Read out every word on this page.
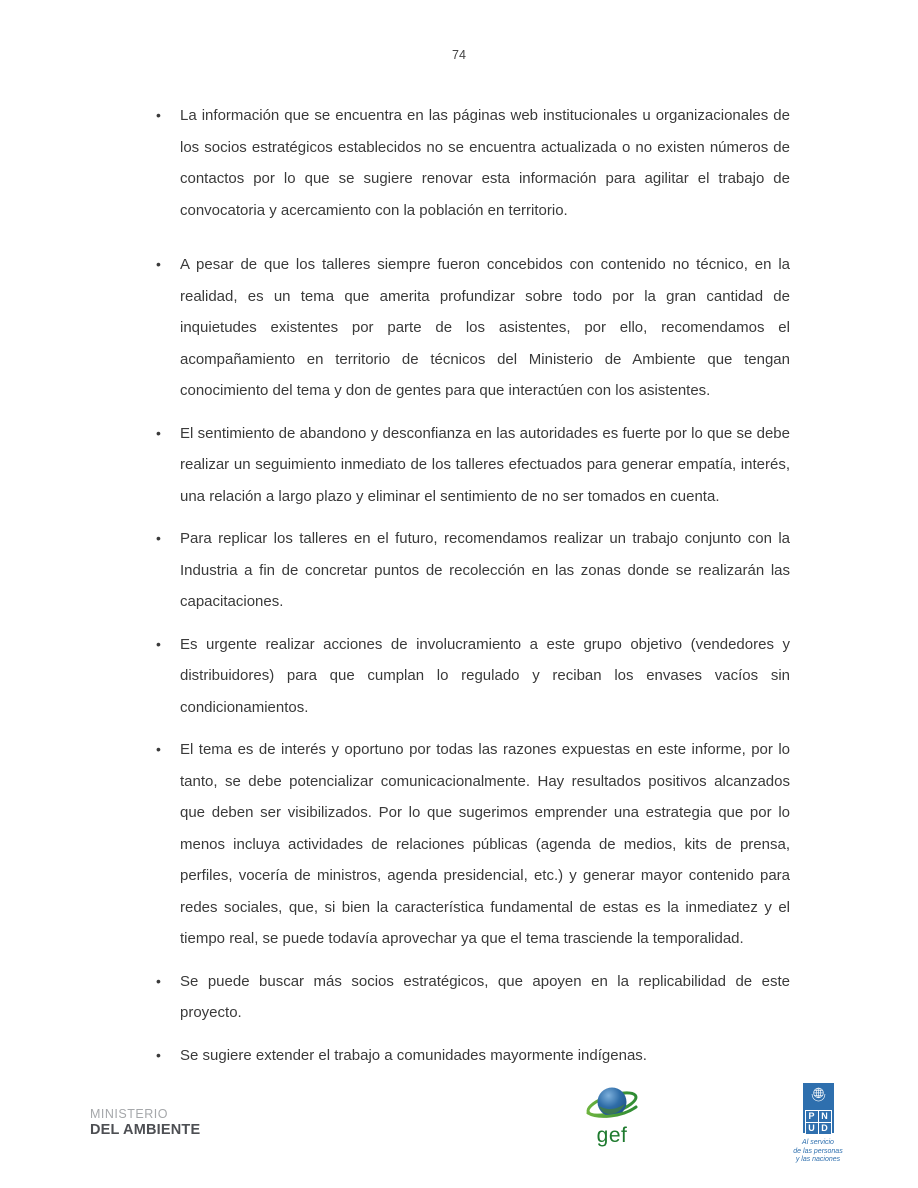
74
• La información que se encuentra en las páginas web institucionales u organizacionales de los socios estratégicos establecidos no se encuentra actualizada o no existen números de contactos por lo que se sugiere renovar esta información para agilitar el trabajo de convocatoria y acercamiento con la población en territorio.
• A pesar de que los talleres siempre fueron concebidos con contenido no técnico, en la realidad, es un tema que amerita profundizar sobre todo por la gran cantidad de inquietudes existentes por parte de los asistentes, por ello, recomendamos el acompañamiento en territorio de técnicos del Ministerio de Ambiente que tengan conocimiento del tema y don de gentes para que interactúen con los asistentes.
• El sentimiento de abandono y desconfianza en las autoridades es fuerte por lo que se debe realizar un seguimiento inmediato de los talleres efectuados para generar empatía, interés, una relación a largo plazo y eliminar el sentimiento de no ser tomados en cuenta.
• Para replicar los talleres en el futuro, recomendamos realizar un trabajo conjunto con la Industria a fin de concretar puntos de recolección en las zonas donde se realizarán las capacitaciones.
• Es urgente realizar acciones de involucramiento a este grupo objetivo (vendedores y distribuidores) para que cumplan lo regulado y reciban los envases vacíos sin condicionamientos.
• El tema es de interés y oportuno por todas las razones expuestas en este informe, por lo tanto, se debe potencializar comunicacionalmente. Hay resultados positivos alcanzados que deben ser visibilizados. Por lo que sugerimos emprender una estrategia que por lo menos incluya actividades de relaciones públicas (agenda de medios, kits de prensa, perfiles, vocería de ministros, agenda presidencial, etc.) y generar mayor contenido para redes sociales, que, si bien la característica fundamental de estas es la inmediatez y el tiempo real, se puede todavía aprovechar ya que el tema trasciende la temporalidad.
• Se puede buscar más socios estratégicos, que apoyen en la replicabilidad de este proyecto.
• Se sugiere extender el trabajo a comunidades mayormente indígenas.
MINISTERIO
DEL AMBIENTE	gef
P N
U D
Al servicio
de las personas
y las naciones
